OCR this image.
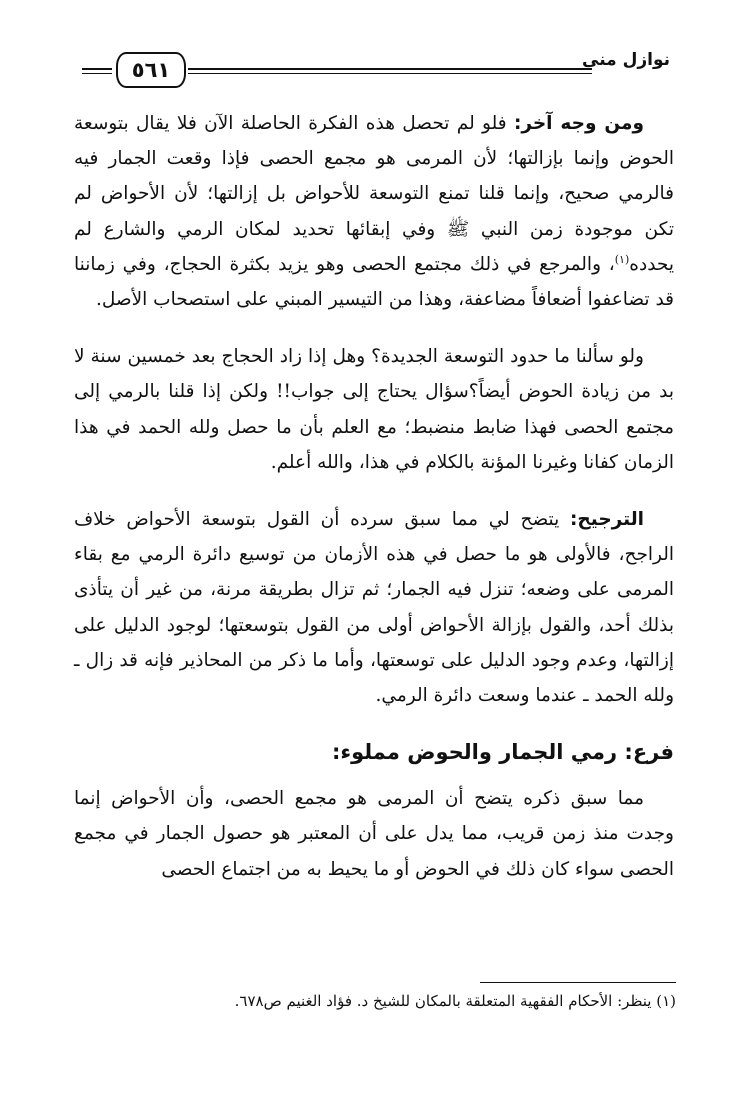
٥٦١	نوازل منى

ومن وجه آخر: فلو لم تحصل هذه الفكرة الحاصلة الآن فلا يقال بتوسعة الحوض وإنما بإزالتها؛ لأن المرمى هو مجمع الحصى فإذا وقعت الجمار فيه فالرمي صحيح، وإنما قلنا تمنع التوسعة للأحواض بل إزالتها؛ لأن الأحواض لم تكن موجودة زمن النبي ﷺ وفي إبقائها تحديد لمكان الرمي والشارع لم يحدده$^{(١)}$، والمرجع في ذلك مجتمع الحصى وهو يزيد بكثرة الحجاج، وفي زماننا قد تضاعفوا أضعافاً مضاعفة، وهذا من التيسير المبني على استصحاب الأصل.

ولو سألنا ما حدود التوسعة الجديدة؟ وهل إذا زاد الحجاج بعد خمسين سنة لا بد من زيادة الحوض أيضاً؟سؤال يحتاج إلى جواب!! ولكن إذا قلنا بالرمي إلى مجتمع الحصى فهذا ضابط منضبط؛ مع العلم بأن ما حصل ولله الحمد في هذا الزمان كفانا وغيرنا المؤنة بالكلام في هذا، والله أعلم.

الترجيح: يتضح لي مما سبق سرده أن القول بتوسعة الأحواض خلاف الراجح، فالأولى هو ما حصل في هذه الأزمان من توسيع دائرة الرمي مع بقاء المرمى على وضعه؛ تنزل فيه الجمار؛ ثم تزال بطريقة مرنة، من غير أن يتأذى بذلك أحد، والقول بإزالة الأحواض أولى من القول بتوسعتها؛ لوجود الدليل على إزالتها، وعدم وجود الدليل على توسعتها، وأما ما ذكر من المحاذير فإنه قد زال ـ ولله الحمد ـ عندما وسعت دائرة الرمي.

فرع: رمي الجمار والحوض مملوء:

مما سبق ذكره يتضح أن المرمى هو مجمع الحصى، وأن الأحواض إنما وجدت منذ زمن قريب، مما يدل على أن المعتبر هو حصول الجمار في مجمع الحصى سواء كان ذلك في الحوض أو ما يحيط به من اجتماع الحصى

(١) ينظر: الأحكام الفقهية المتعلقة بالمكان للشيخ د. فؤاد الغنيم ص٦٧٨.
